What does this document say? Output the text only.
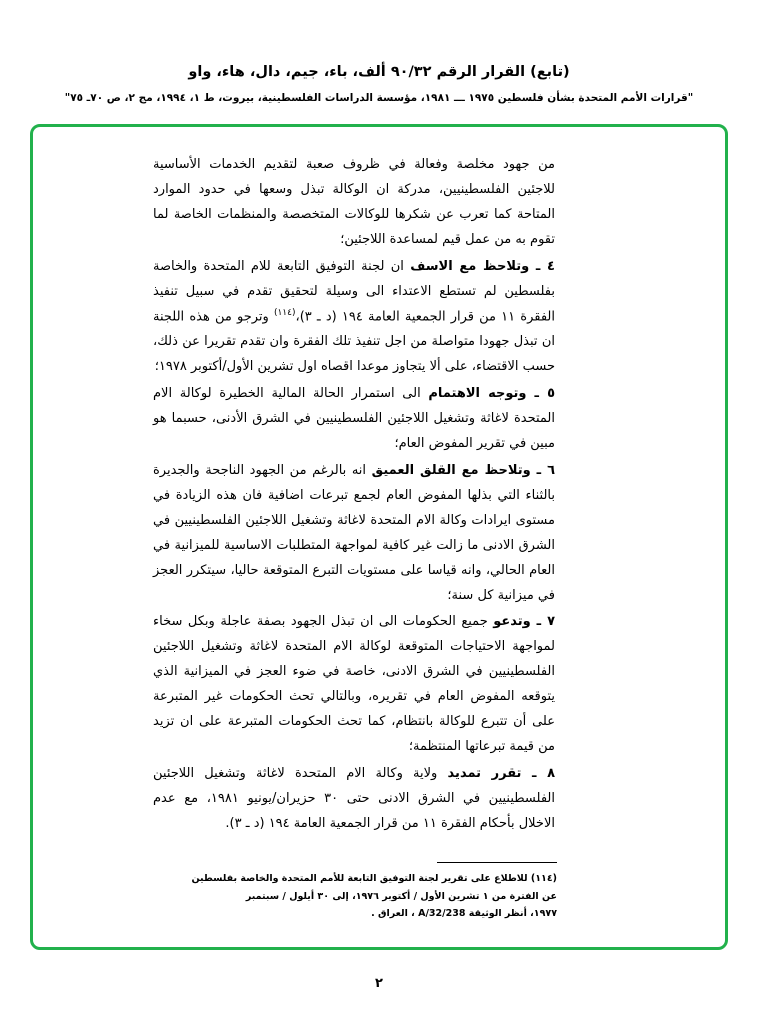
(تابع) القرار الرقم ٩٠/٣٢ ألف، باء، جيم، دال، هاء، واو
"قرارات الأمم المتحدة بشأن فلسطين ١٩٧٥ ـــ ١٩٨١، مؤسسة الدراسات الفلسطينية، بيروت، ط ١، ١٩٩٤، مج ٢، ص ٧٠ـ ٧٥"

من جهود مخلصة وفعالة في ظروف صعبة لتقديم الخدمات الأساسية للاجئين الفلسطينيين، مدركة ان الوكالة تبذل وسعها في حدود الموارد المتاحة كما تعرب عن شكرها للوكالات المتخصصة والمنظمات الخاصة لما تقوم به من عمل قيم لمساعدة اللاجئين؛

٤ ـ وتلاحظ مع الاسف ان لجنة التوفيق التابعة للام المتحدة والخاصة بفلسطين لم تستطع الاعتداء الى وسيلة لتحقيق تقدم في سبيل تنفيذ الفقرة ١١ من قرار الجمعية العامة ١٩٤ (د ـ ٣)،$^{(١١٤)}$ وترجو من هذه اللجنة ان تبذل جهودا متواصلة من اجل تنفيذ تلك الفقرة وان تقدم تقريرا عن ذلك، حسب الاقتضاء، على ألا يتجاوز موعدا اقصاه اول تشرين الأول/أكتوبر ١٩٧٨؛

٥ ـ وتوجه الاهتمام الى استمرار الحالة المالية الخطيرة لوكالة الام المتحدة لاغاثة وتشغيل اللاجئين الفلسطينيين في الشرق الأدنى، حسبما هو مبين في تقرير المفوض العام؛

٦ ـ وتلاحظ مع القلق العميق انه بالرغم من الجهود الناجحة والجديرة بالثناء التي بذلها المفوض العام لجمع تبرعات اضافية فان هذه الزيادة في مستوى ايرادات وكالة الام المتحدة لاغاثة وتشغيل اللاجئين الفلسطينيين في الشرق الادنى ما زالت غير كافية لمواجهة المتطلبات الاساسية للميزانية في العام الحالي، وانه قياسا على مستويات التبرع المتوقعة حاليا، سيتكرر العجز في ميزانية كل سنة؛

٧ ـ وتدعو جميع الحكومات الى ان تبذل الجهود بصفة عاجلة وبكل سخاء لمواجهة الاحتياجات المتوقعة لوكالة الام المتحدة لاغاثة وتشغيل اللاجئين الفلسطينيين في الشرق الادنى، خاصة في ضوء العجز في الميزانية الذي يتوقعه المفوض العام في تقريره، وبالتالي تحث الحكومات غير المتبرعة على أن تتبرع للوكالة بانتظام، كما تحث الحكومات المتبرعة على ان تزيد من قيمة تبرعاتها المنتظمة؛

٨ ـ تقرر تمديد ولاية وكالة الام المتحدة لاغاثة وتشغيل اللاجئين الفلسطينيين في الشرق الادنى حتى ٣٠ حزيران/يونيو ١٩٨١، مع عدم الاخلال بأحكام الفقرة ١١ من قرار الجمعية العامة ١٩٤ (د ـ ٣).

(١١٤) للاطلاع على تقرير لجنة التوفيق التابعة للأمم المتحدة والخاصة بفلسطين
عن الفترة من ١ تشرين الأول / أكتوبر ١٩٧٦، إلى ٣٠ أيلول / سبتمبر
١٩٧٧، أنظر الوثيقة A/32/238 ، العراق .
٢
